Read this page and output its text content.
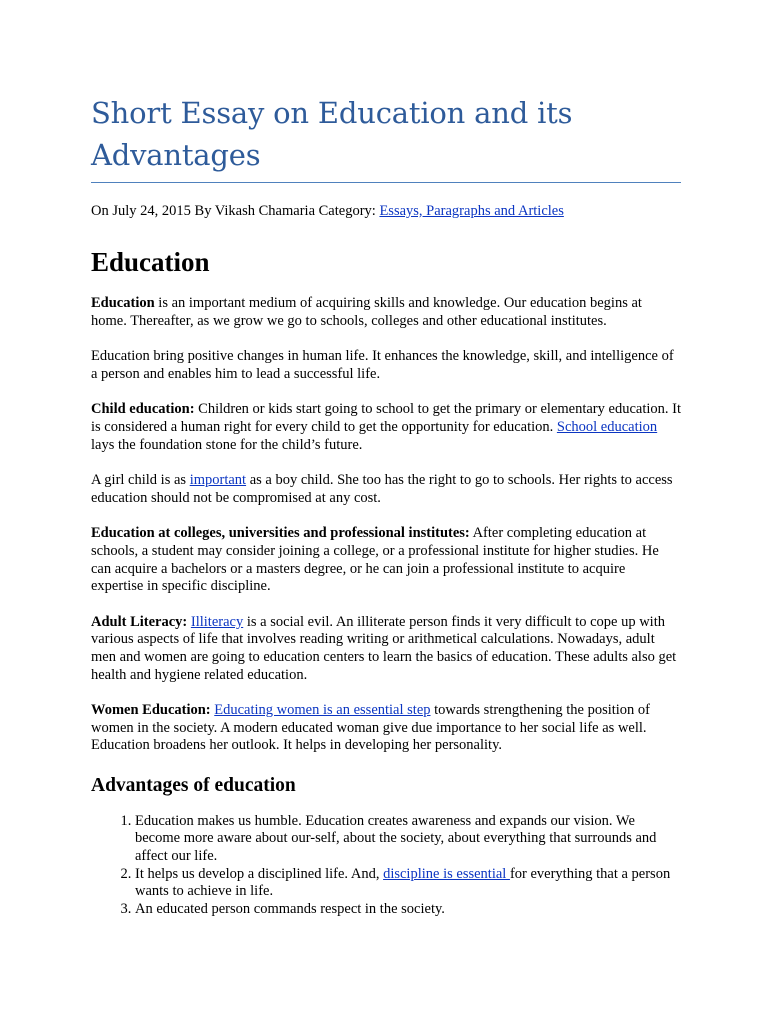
Short Essay on Education and its Advantages
On July 24, 2015 By Vikash Chamaria Category: Essays, Paragraphs and Articles
Education

Education is an important medium of acquiring skills and knowledge. Our education begins at home. Thereafter, as we grow we go to schools, colleges and other educational institutes.

Education bring positive changes in human life. It enhances the knowledge, skill, and intelligence of a person and enables him to lead a successful life.

Child education: Children or kids start going to school to get the primary or elementary education. It is considered a human right for every child to get the opportunity for education. School education lays the foundation stone for the child’s future.

A girl child is as important as a boy child. She too has the right to go to schools. Her rights to access education should not be compromised at any cost.

Education at colleges, universities and professional institutes: After completing education at schools, a student may consider joining a college, or a professional institute for higher studies. He can acquire a bachelors or a masters degree, or he can join a professional institute to acquire expertise in specific discipline.

Adult Literacy: Illiteracy is a social evil. An illiterate person finds it very difficult to cope up with various aspects of life that involves reading writing or arithmetical calculations. Nowadays, adult men and women are going to education centers to learn the basics of education. These adults also get health and hygiene related education.

Women Education: Educating women is an essential step towards strengthening the position of women in the society. A modern educated woman give due importance to her social life as well. Education broadens her outlook. It helps in developing her personality.

Advantages of education
1. Education makes us humble. Education creates awareness and expands our vision. We become more aware about our-self, about the society, about everything that surrounds and affect our life.
2. It helps us develop a disciplined life. And, discipline is essential for everything that a person wants to achieve in life.
3. An educated person commands respect in the society.
